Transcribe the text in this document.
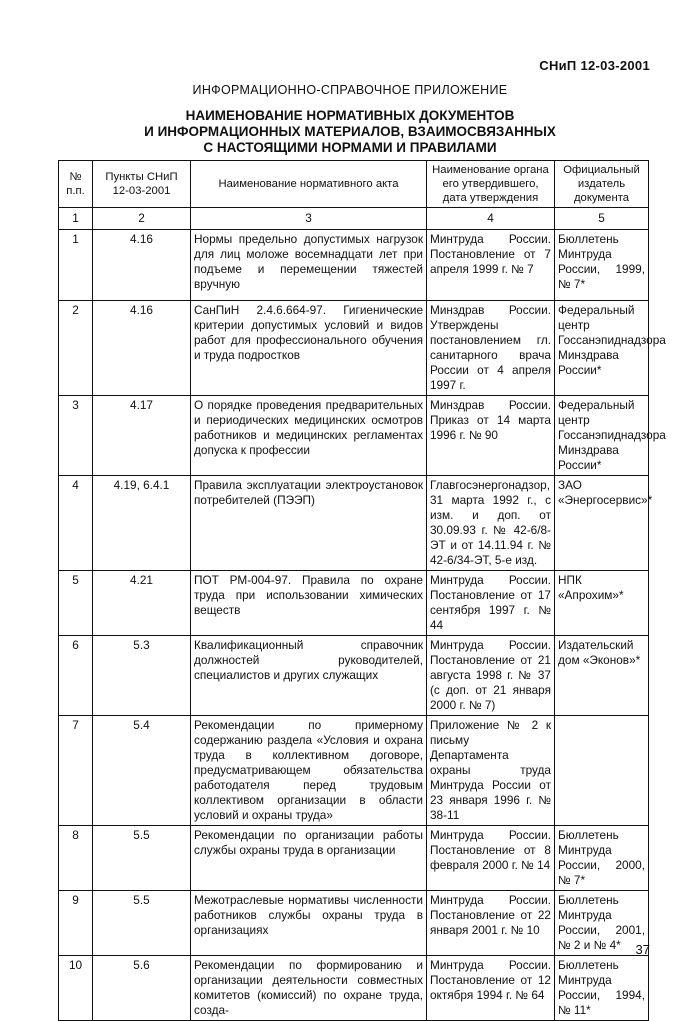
СНиП 12-03-2001
ИНФОРМАЦИОННО-СПРАВОЧНОЕ ПРИЛОЖЕНИЕ
НАИМЕНОВАНИЕ НОРМАТИВНЫХ ДОКУМЕНТОВ
И ИНФОРМАЦИОННЫХ МАТЕРИАЛОВ, ВЗАИМОСВЯЗАННЫХ
С НАСТОЯЩИМИ НОРМАМИ И ПРАВИЛАМИ
№ п.п.	Пункты СНиП 12-03-2001	Наименование нормативного акта	Наименование органа его утвердившего, дата утверждения	Официальный издатель документа
1	2	3	4	5
1	4.16	Нормы предельно допустимых нагрузок для лиц моложе восемнадцати лет при подъеме и перемещении тяжестей вручную	Минтруда России. Постановление от 7 апреля 1999 г. № 7	Бюллетень Минтруда России, 1999, № 7*
2	4.16	СанПиН 2.4.6.664-97. Гигиенические критерии допустимых условий и видов работ для профессионального обучения и труда подростков	Минздрав России. Утверждены постановлением гл. санитарного врача России от 4 апреля 1997 г.	Федеральный центр Госсанэпиднадзора Минздрава России*
3	4.17	О порядке проведения предварительных и периодических медицинских осмотров работников и медицинских регламентах допуска к профессии	Минздрав России. Приказ от 14 марта 1996 г. № 90	Федеральный центр Госсанэпиднадзора Минздрава России*
4	4.19, 6.4.1	Правила эксплуатации электроустановок потребителей (ПЭЭП)	Главгосэнергонадзор, 31 марта 1992 г., с изм. и доп. от 30.09.93 г. № 42-6/8-ЭТ и от 14.11.94 г. № 42-6/34-ЭТ, 5-е изд.	ЗАО «Энергосервис»*
5	4.21	ПОТ РМ-004-97. Правила по охране труда при использовании химических веществ	Минтруда России. Постановление от 17 сентября 1997 г. № 44	НПК «Апрохим»*
6	5.3	Квалификационный справочник должностей руководителей, специалистов и других служащих	Минтруда России. Постановление от 21 августа 1998 г. № 37 (с доп. от 21 января 2000 г. № 7)	Издательский дом «Эконов»*
7	5.4	Рекомендации по примерному содержанию раздела «Условия и охрана труда в коллективном договоре, предусматривающем обязательства работодателя перед трудовым коллективом организации в области условий и охраны труда»	Приложение № 2 к письму Департамента охраны труда Минтруда России от 23 января 1996 г. № 38-11	
8	5.5	Рекомендации по организации работы службы охраны труда в организации	Минтруда России. Постановление от 8 февраля 2000 г. № 14	Бюллетень Минтруда России, 2000, № 7*
9	5.5	Межотраслевые нормативы численности работников службы охраны труда в организациях	Минтруда России. Постановление от 22 января 2001 г. № 10	Бюллетень Минтруда России, 2001, № 2 и № 4*
10	5.6	Рекомендации по формированию и организации деятельности совместных комитетов (комиссий) по охране труда, созда-	Минтруда России. Постановление от 12 октября 1994 г. № 64	Бюллетень Минтруда России, 1994, № 11*
37
